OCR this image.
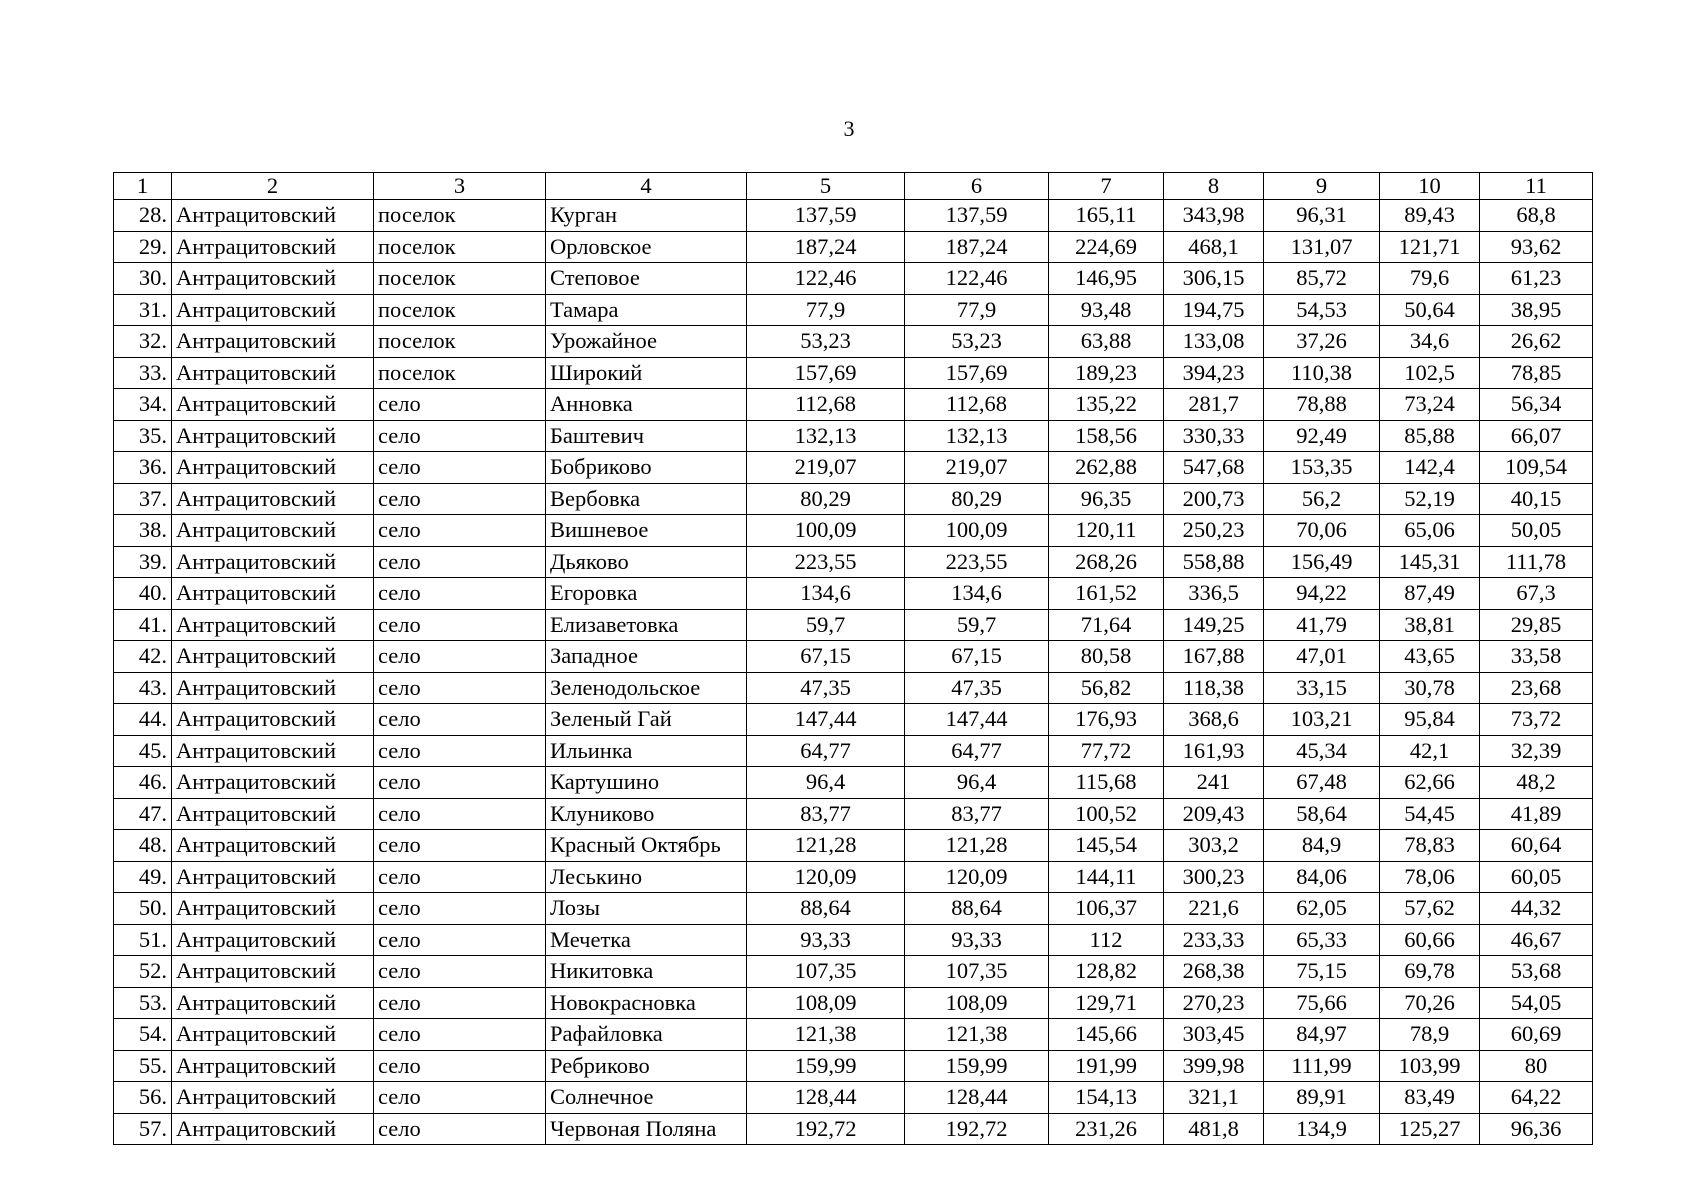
3
1	2	3	4	5	6	7	8	9	10	11
28.	Антрацитовский	поселок	Курган	137,59	137,59	165,11	343,98	96,31	89,43	68,8
29.	Антрацитовский	поселок	Орловское	187,24	187,24	224,69	468,1	131,07	121,71	93,62
30.	Антрацитовский	поселок	Степовое	122,46	122,46	146,95	306,15	85,72	79,6	61,23
31.	Антрацитовский	поселок	Тамара	77,9	77,9	93,48	194,75	54,53	50,64	38,95
32.	Антрацитовский	поселок	Урожайное	53,23	53,23	63,88	133,08	37,26	34,6	26,62
33.	Антрацитовский	поселок	Широкий	157,69	157,69	189,23	394,23	110,38	102,5	78,85
34.	Антрацитовский	село	Анновка	112,68	112,68	135,22	281,7	78,88	73,24	56,34
35.	Антрацитовский	село	Баштевич	132,13	132,13	158,56	330,33	92,49	85,88	66,07
36.	Антрацитовский	село	Бобриково	219,07	219,07	262,88	547,68	153,35	142,4	109,54
37.	Антрацитовский	село	Вербовка	80,29	80,29	96,35	200,73	56,2	52,19	40,15
38.	Антрацитовский	село	Вишневое	100,09	100,09	120,11	250,23	70,06	65,06	50,05
39.	Антрацитовский	село	Дьяково	223,55	223,55	268,26	558,88	156,49	145,31	111,78
40.	Антрацитовский	село	Егоровка	134,6	134,6	161,52	336,5	94,22	87,49	67,3
41.	Антрацитовский	село	Елизаветовка	59,7	59,7	71,64	149,25	41,79	38,81	29,85
42.	Антрацитовский	село	Западное	67,15	67,15	80,58	167,88	47,01	43,65	33,58
43.	Антрацитовский	село	Зеленодольское	47,35	47,35	56,82	118,38	33,15	30,78	23,68
44.	Антрацитовский	село	Зеленый Гай	147,44	147,44	176,93	368,6	103,21	95,84	73,72
45.	Антрацитовский	село	Ильинка	64,77	64,77	77,72	161,93	45,34	42,1	32,39
46.	Антрацитовский	село	Картушино	96,4	96,4	115,68	241	67,48	62,66	48,2
47.	Антрацитовский	село	Клуниково	83,77	83,77	100,52	209,43	58,64	54,45	41,89
48.	Антрацитовский	село	Красный Октябрь	121,28	121,28	145,54	303,2	84,9	78,83	60,64
49.	Антрацитовский	село	Леськино	120,09	120,09	144,11	300,23	84,06	78,06	60,05
50.	Антрацитовский	село	Лозы	88,64	88,64	106,37	221,6	62,05	57,62	44,32
51.	Антрацитовский	село	Мечетка	93,33	93,33	112	233,33	65,33	60,66	46,67
52.	Антрацитовский	село	Никитовка	107,35	107,35	128,82	268,38	75,15	69,78	53,68
53.	Антрацитовский	село	Новокрасновка	108,09	108,09	129,71	270,23	75,66	70,26	54,05
54.	Антрацитовский	село	Рафайловка	121,38	121,38	145,66	303,45	84,97	78,9	60,69
55.	Антрацитовский	село	Ребриково	159,99	159,99	191,99	399,98	111,99	103,99	80
56.	Антрацитовский	село	Солнечное	128,44	128,44	154,13	321,1	89,91	83,49	64,22
57.	Антрацитовский	село	Червоная Поляна	192,72	192,72	231,26	481,8	134,9	125,27	96,36
